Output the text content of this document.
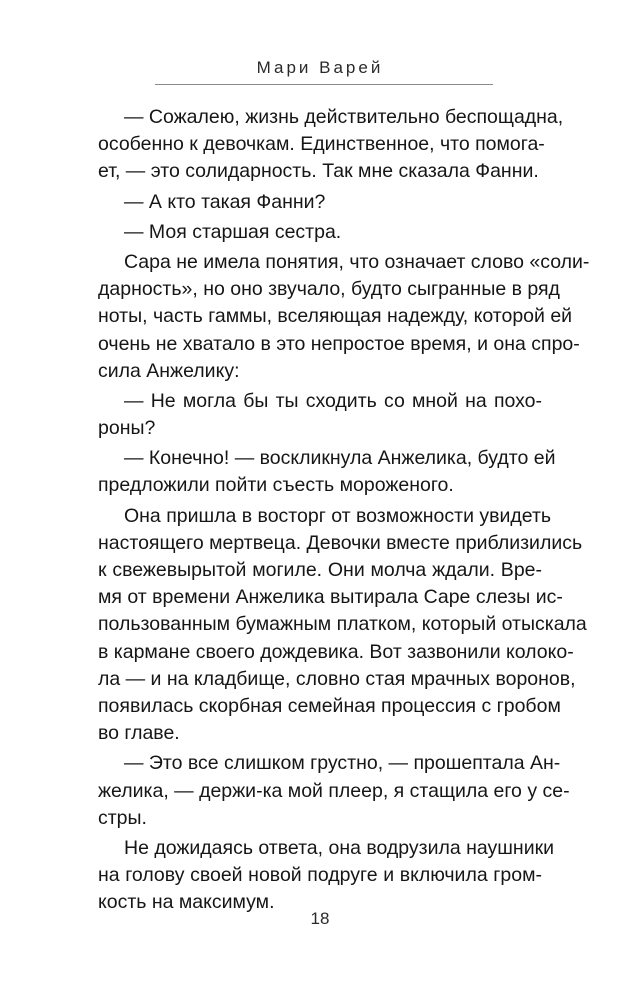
Мари Варей
— Сожалею, жизнь действительно беспощадна,
особенно к девочкам. Единственное, что помога-
ет, — это солидарность. Так мне сказала Фанни.
— А кто такая Фанни?
— Моя старшая сестра.
Сара не имела понятия, что означает слово «соли-
дарность», но оно звучало, будто сыгранные в ряд
ноты, часть гаммы, вселяющая надежду, которой ей
очень не хватало в это непростое время, и она спро-
сила Анжелику:
— Не могла бы ты сходить со мной на похо-
роны?
— Конечно! — воскликнула Анжелика, будто ей
предложили пойти съесть мороженого.
Она пришла в восторг от возможности увидеть
настоящего мертвеца. Девочки вместе приблизились
к свежевырытой могиле. Они молча ждали. Вре-
мя от времени Анжелика вытирала Саре слезы ис-
пользованным бумажным платком, который отыскала
в кармане своего дождевика. Вот зазвонили колоко-
ла — и на кладбище, словно стая мрачных воронов,
появилась скорбная семейная процессия с гробом
во главе.
— Это все слишком грустно, — прошептала Ан-
желика, — держи-ка мой плеер, я стащила его у се-
стры.
Не дожидаясь ответа, она водрузила наушники
на голову своей новой подруге и включила гром-
кость на максимум.
18
